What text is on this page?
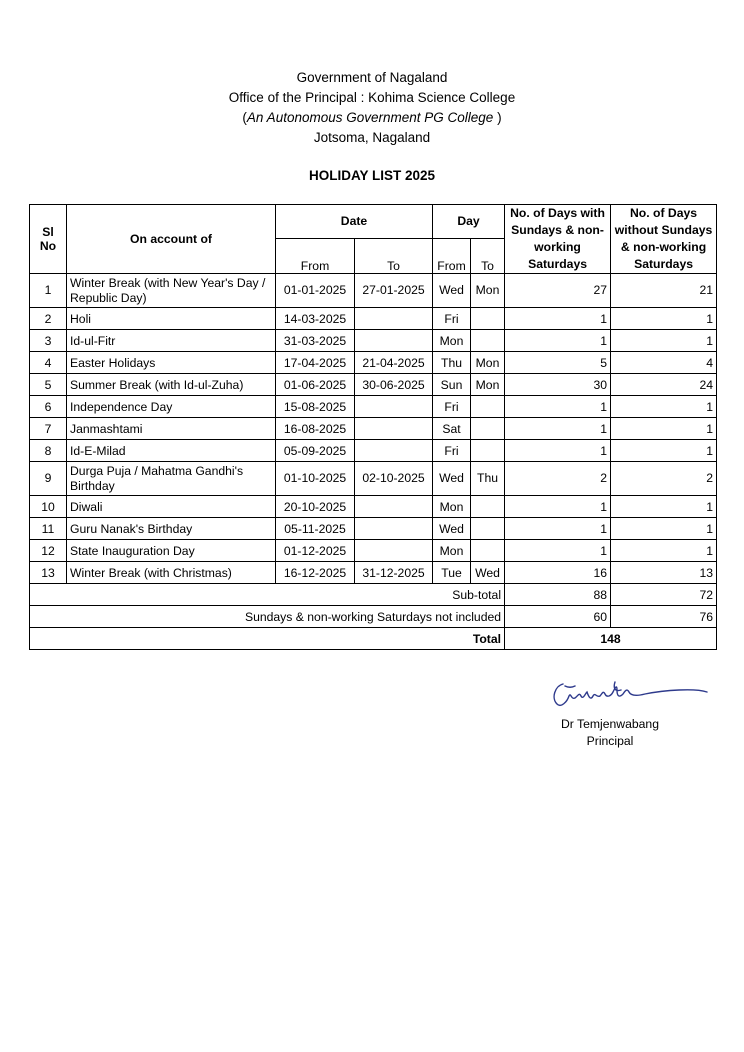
Government of Nagaland
Office of the Principal : Kohima Science College
(An Autonomous Government PG College )
Jotsoma, Nagaland
HOLIDAY LIST 2025
Sl No	On account of	Date		Day		No. of Days with Sundays & non-working Saturdays	No. of Days without Sundays & non-working Saturdays
		From	To	From	To		
1	Winter Break (with New Year's Day / Republic Day)	01-01-2025	27-01-2025	Wed	Mon	27	21
2	Holi	14-03-2025		Fri		1	1
3	Id-ul-Fitr	31-03-2025		Mon		1	1
4	Easter Holidays	17-04-2025	21-04-2025	Thu	Mon	5	4
5	Summer Break (with Id-ul-Zuha)	01-06-2025	30-06-2025	Sun	Mon	30	24
6	Independence Day	15-08-2025		Fri		1	1
7	Janmashtami	16-08-2025		Sat		1	1
8	Id-E-Milad	05-09-2025		Fri		1	1
9	Durga Puja / Mahatma Gandhi's Birthday	01-10-2025	02-10-2025	Wed	Thu	2	2
10	Diwali	20-10-2025		Mon		1	1
11	Guru Nanak's Birthday	05-11-2025		Wed		1	1
12	State Inauguration Day	01-12-2025		Mon		1	1
13	Winter Break (with Christmas)	16-12-2025	31-12-2025	Tue	Wed	16	13
Sub-total						88	72
Sundays & non-working Saturdays not included						60	76
Total						148	
Dr Temjenwabang
Principal
